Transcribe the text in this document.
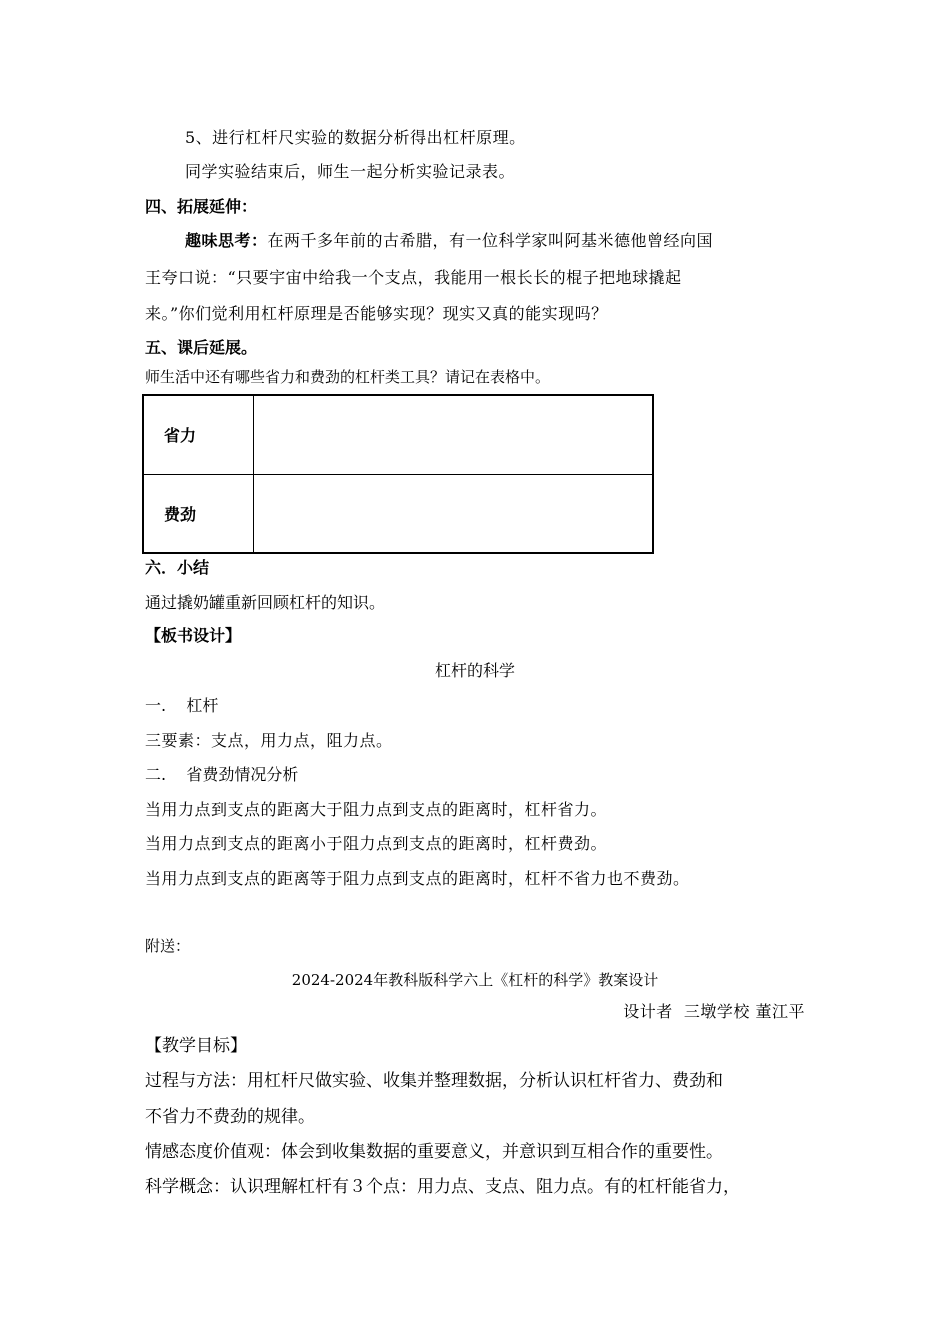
5、进行杠杆尺实验的数据分析得出杠杆原理。
同学实验结束后，师生一起分析实验记录表。
四、拓展延伸：
趣味思考：在两千多年前的古希腊，有一位科学家叫阿基米德他曾经向国
王夸口说：“只要宇宙中给我一个支点，我能用一根长长的棍子把地球撬起
来。”你们觉利用杠杆原理是否能够实现？现实又真的能实现吗？
五、课后延展。
师生活中还有哪些省力和费劲的杠杆类工具？请记在表格中。
省力	
费劲	
六．小结
通过撬奶罐重新回顾杠杆的知识。
【板书设计】
杠杆的科学
一.    杠杆
三要素：支点，用力点，阻力点。
二.    省费劲情况分析
当用力点到支点的距离大于阻力点到支点的距离时，杠杆省力。
当用力点到支点的距离小于阻力点到支点的距离时，杠杆费劲。
当用力点到支点的距离等于阻力点到支点的距离时，杠杆不省力也不费劲。
附送：
2024-2024年教科版科学六上《杠杆的科学》教案设计
设计者  三墩学校 董江平
【教学目标】
过程与方法：用杠杆尺做实验、收集并整理数据，分析认识杠杆省力、费劲和
不省力不费劲的规律。
情感态度价值观：体会到收集数据的重要意义，并意识到互相合作的重要性。
科学概念：认识理解杠杆有３个点：用力点、支点、阻力点。有的杠杆能省力，
